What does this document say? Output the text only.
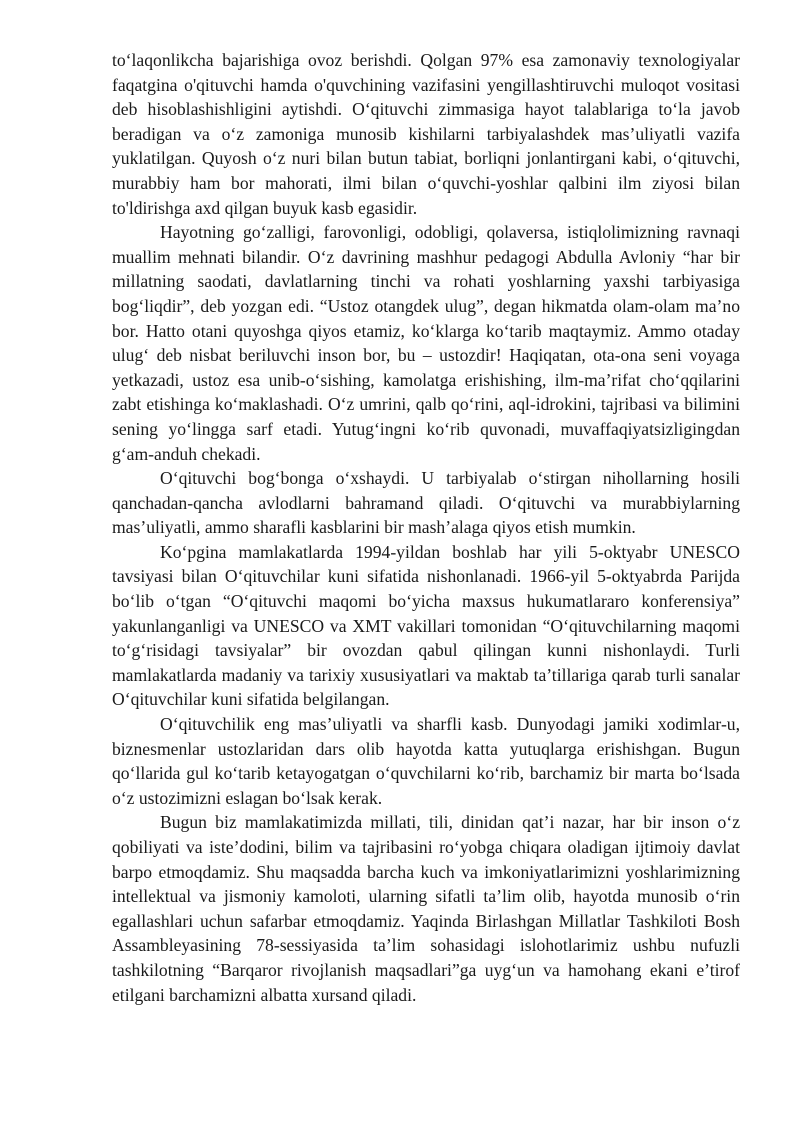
to‘laqonlikcha bajarishiga ovoz berishdi. Qolgan 97% esa zamonaviy texnologiyalar faqatgina o'qituvchi hamda o'quvchining vazifasini yengillashtiruvchi muloqot vositasi deb hisoblashishligini aytishdi. O‘qituvchi zimmasiga hayot talablariga to‘la javob beradigan va o‘z zamoniga munosib kishilarni tarbiyalashdek mas’uliyatli vazifa yuklatilgan. Quyosh o‘z nuri bilan butun tabiat, borliqni jonlantirgani kabi, o‘qituvchi, murabbiy ham bor mahorati, ilmi bilan o‘quvchi-yoshlar qalbini ilm ziyosi bilan to'ldirishga axd qilgan buyuk kasb egasidir.

Hayotning go‘zalligi, farovonligi, odobligi, qolaversa, istiqlolimizning ravnaqi muallim mehnati bilandir. O‘z davrining mashhur pedagogi Abdulla Avloniy “har bir millatning saodati, davlatlarning tinchi va rohati yoshlarning yaxshi tarbiyasiga bog‘liqdir”, deb yozgan edi. “Ustoz otangdek ulug”, degan hikmatda olam-olam ma’no bor. Hatto otani quyoshga qiyos etamiz, ko‘klarga ko‘tarib maqtaymiz. Ammo otaday ulug‘ deb nisbat beriluvchi inson bor, bu – ustozdir! Haqiqatan, ota-ona seni voyaga yetkazadi, ustoz esa unib-o‘sishing, kamolatga erishishing, ilm-ma’rifat cho‘qqilarini zabt etishinga ko‘maklashadi. O‘z umrini, qalb qo‘rini, aql-idrokini, tajribasi va bilimini sening yo‘lingga sarf etadi. Yutug‘ingni ko‘rib quvonadi, muvaffaqiyatsizligingdan g‘am-anduh chekadi.

O‘qituvchi bog‘bonga o‘xshaydi. U tarbiyalab o‘stirgan nihollarning hosili qanchadan-qancha avlodlarni bahramand qiladi. O‘qituvchi va murabbiylarning mas’uliyatli, ammo sharafli kasblarini bir mash’alaga qiyos etish mumkin.

Ko‘pgina mamlakatlarda 1994-yildan boshlab har yili 5-oktyabr UNESCO tavsiyasi bilan O‘qituvchilar kuni sifatida nishonlanadi. 1966-yil 5-oktyabrda Parijda bo‘lib o‘tgan “O‘qituvchi maqomi bo‘yicha maxsus hukumatlararo konferensiya” yakunlanganligi va UNESCO va XMT vakillari tomonidan “O‘qituvchilarning maqomi to‘g‘risidagi tavsiyalar” bir ovozdan qabul qilingan kunni nishonlaydi. Turli mamlakatlarda madaniy va tarixiy xususiyatlari va maktab ta’tillariga qarab turli sanalar O‘qituvchilar kuni sifatida belgilangan.

O‘qituvchilik eng mas’uliyatli va sharfli kasb. Dunyodagi jamiki xodimlar-u, biznesmenlar ustozlaridan dars olib hayotda katta yutuqlarga erishishgan. Bugun qo‘llarida gul ko‘tarib ketayogatgan o‘quvchilarni ko‘rib, barchamiz bir marta bo‘lsada o‘z ustozimizni eslagan bo‘lsak kerak.

Bugun biz mamlakatimizda millati, tili, dinidan qat’i nazar, har bir inson o‘z qobiliyati va iste’dodini, bilim va tajribasini ro‘yobga chiqara oladigan ijtimoiy davlat barpo etmoqdamiz. Shu maqsadda barcha kuch va imkoniyatlarimizni yoshlarimizning intellektual va jismoniy kamoloti, ularning sifatli ta’lim olib, hayotda munosib o‘rin egallashlari uchun safarbar etmoqdamiz. Yaqinda Birlashgan Millatlar Tashkiloti Bosh Assambleyasining 78-sessiyasida ta’lim sohasidagi islohotlarimiz ushbu nufuzli tashkilotning “Barqaror rivojlanish maqsadlari”ga uyg‘un va hamohang ekani e’tirof etilgani barchamizni albatta xursand qiladi.
